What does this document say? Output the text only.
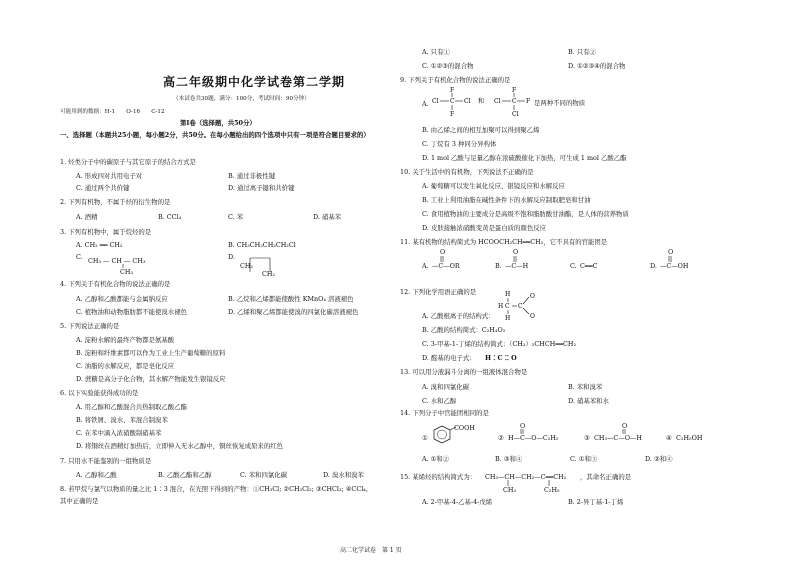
高二年级期中化学试卷第二学期
（本试卷共30题，满分：100分，考试时间：90分钟）
可能用到的数据：H-1　　O-16　　C-12
第Ⅰ卷（选择题，共50分）
一、选择题（本题共25小题，每小题2分，共50分。在每小题给出的四个选项中只有一项是符合题目要求的）
1. 烃类分子中的碳原子与其它原子的结合方式是
A. 形成四对共用电子对	B. 通过非极性键
C. 通过两个共价键	D. 通过离子键和共价键
2. 下列有机物，不属于烃的衍生物的是
A. 酒精	B. CCl₄	C. 苯	D. 硝基苯
3. 下列有机物中，属于烷烃的是
A. CH₂ ══ CH₂	B. CH₃CH₂CH₂CH₂Cl
C. CH₃ — CH — CH₃
CH₃
D.
CH₂
CH₂
4. 下列关于有机化合物的说法正确的是
A. 乙醇和乙酸都能与金属钠反应	B. 乙烷和乙烯都能使酸性 KMnO₄ 溶液褪色
C. 植物油和动物脂肪都不能使溴水褪色	D. 乙烯和聚乙烯都能使溴的四氯化碳溶液褪色
5. 下列说法正确的是
A. 淀粉水解的最终产物都是氨基酸
B. 淀粉和纤维素都可以作为工业上生产葡萄糖的原料
C. 油脂的水解反应，都是皂化反应
D. 蔗糖是高分子化合物，其水解产物能发生银镜反应
6. 以下实验能获得成功的是
A. 用乙醇和乙酸混合共热制取乙酸乙酯
B. 将铁屑、溴水、苯混合制溴苯
C. 在苯中滴入浓硝酸制硝基苯
D. 将铜丝在酒精灯加热后，立即伸入无水乙醇中，铜丝恢复成原来的红色
7. 只用水不能鉴别的一组物质是
A. 乙醇和乙酸	B. 乙酸乙酯和乙醇	C. 苯和四氯化碳	D. 溴水和溴苯
8. 若甲烷与氯气以物质的量之比 1∶3 混合，在光照下得到的产物：①CH₃Cl; ②CH₂Cl₂; ③CHCl₃; ④CCl₄,
其中正确的是
A. 只有①	B. 只有②
C. ①②③的混合物	D. ①②③④的混合物
9. 下列关于有机化合物的说法正确的是
A.
F
Cl C Cl
F
和
F
Cl C F
Cl
是两种不同的物质
B. 由乙烯之间的相互加聚可以得到聚乙烯
C. 丁烷有 3 种同分异构体
D. 1 mol 乙酸与足量乙醇在浓硫酸催化下加热，可生成 1 mol 乙酸乙酯
10. 关于生活中的有机物，下列说法不正确的是
A. 葡萄糖可以发生氧化反应、银镜反应和水解反应
B. 工业上利用油脂在碱性条件下的水解反应制取肥皂和甘油
C. 食用植物油的主要成分是高级不饱和脂肪酸甘油酯，是人体的营养物质
D. 皮肤接触浓硝酸变黄是蛋白质的颜色反应
11. 某有机物的结构简式为 HCOOCH₂CH══CH₂，它不具有的官能团是
A. —C—OR	B. —C—H	C. C══C	D. —C—OH
O	O	O
12. 下列化学用语正确的是	H
H C C
O
O
H
A. 乙酸根离子的结构式：
B. 乙酸的结构简式：C₂H₄O₂
C. 3-甲基-1-丁烯的结构简式：（CH₃）₂CHCH══CH₂
D. 醛基的电子式： H ⁚ C ⁚⁚ O
13. 可以用分液漏斗分离的一组液体混合物是
A. 溴和四氯化碳	B. 苯和溴苯
C. 水和乙醇	D. 硝基苯和水
14. 下列分子中官能团相同的是
①
COOH
② H—C—O—C₂H₅
O
③ CH₃—C—O—H
O
④ C₂H₅OH
A. ①和②	B. ③和④	C. ①和③	D. ②和④
15. 某烯烃的结构简式为： CH₃—CH—CH₂—C══CH₂
CH₃	C₂H₅
，其命名正确的是
A. 2-甲基-4-乙基-4-戊烯	B. 2-异丁基-1-丁烯
高二化学试卷　第 1 页
